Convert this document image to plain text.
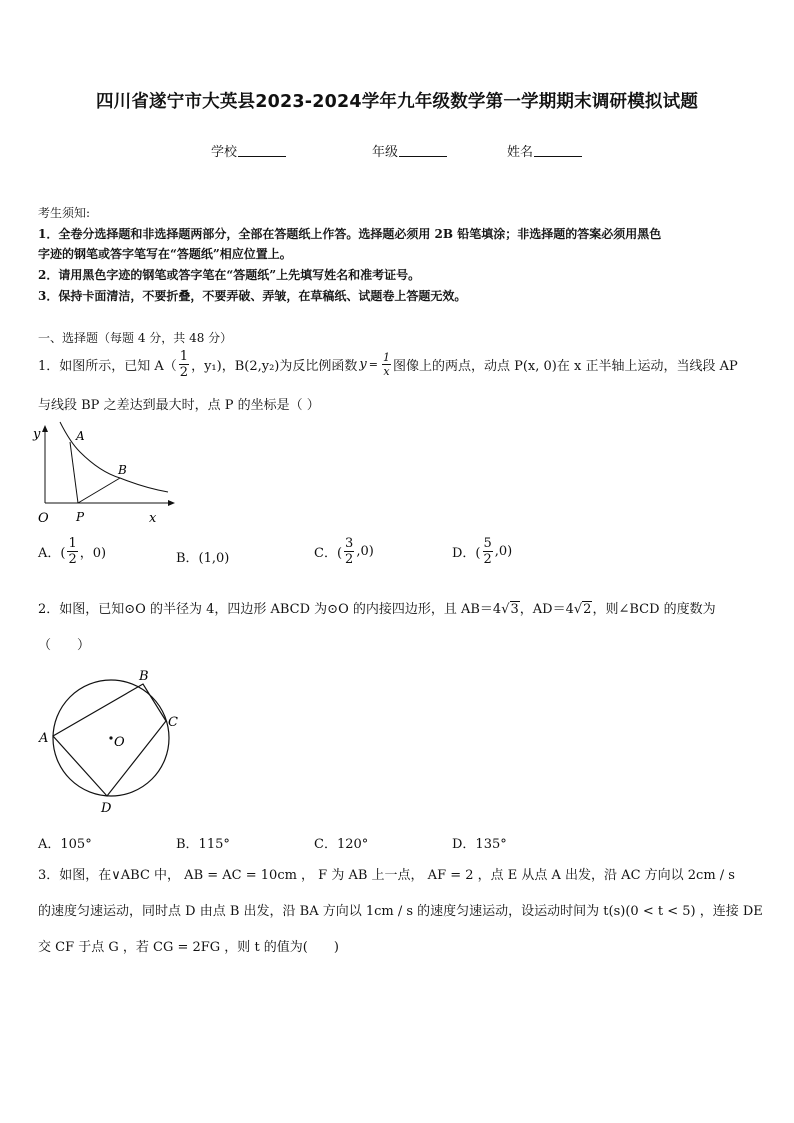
四川省遂宁市大英县2023-2024学年九年级数学第一学期期末调研模拟试题
学校	年级	姓名
考生须知:
1．全卷分选择题和非选择题两部分，全部在答题纸上作答。选择题必须用 2B 铅笔填涂；非选择题的答案必须用黑色
字迹的钢笔或答字笔写在“答题纸”相应位置上。
2．请用黑色字迹的钢笔或答字笔在“答题纸”上先填写姓名和准考证号。
3．保持卡面清洁，不要折叠，不要弄破、弄皱，在草稿纸、试题卷上答题无效。
一、选择题（每题 4 分，共 48 分）
1．如图所示，已知 $A( \frac{1}{2}$ ，y₁)，B(2,y₂)为反比例函数 $y = \frac{1}{x}$ 图像上的两点，动点 P(x, 0)在 x 正半轴上运动，当线段 AP
与线段 BP 之差达到最大时，点 P 的坐标是（ ）
y	A
B
O P	x
A．( $\frac{1}{2}$ ，0)	B．(1,0)	C．( $\frac{3}{2} ,0$)	D．( $\frac{5}{2} ,0$)
2．如图，已知⊙O 的半径为 4，四边形 ABCD 为⊙O 的内接四边形，且 AB＝4√3，AD＝4√2，则∠BCD 的度数为
（　　）
A
B
C
D
O
A．105°	B．115°	C．120°	D．135°
3．如图，在∨ABC 中， AB = AC = 10cm ， F 为 AB 上一点， AF = 2 ，点 E 从点 A 出发，沿 AC 方向以 2cm / s
的速度匀速运动，同时点 D 由点 B 出发，沿 BA 方向以 1cm / s 的速度匀速运动，设运动时间为 t(s)(0 < t < 5) ，连接 DE
交 CF 于点 G ，若 CG = 2FG ，则 t 的值为(　　)
